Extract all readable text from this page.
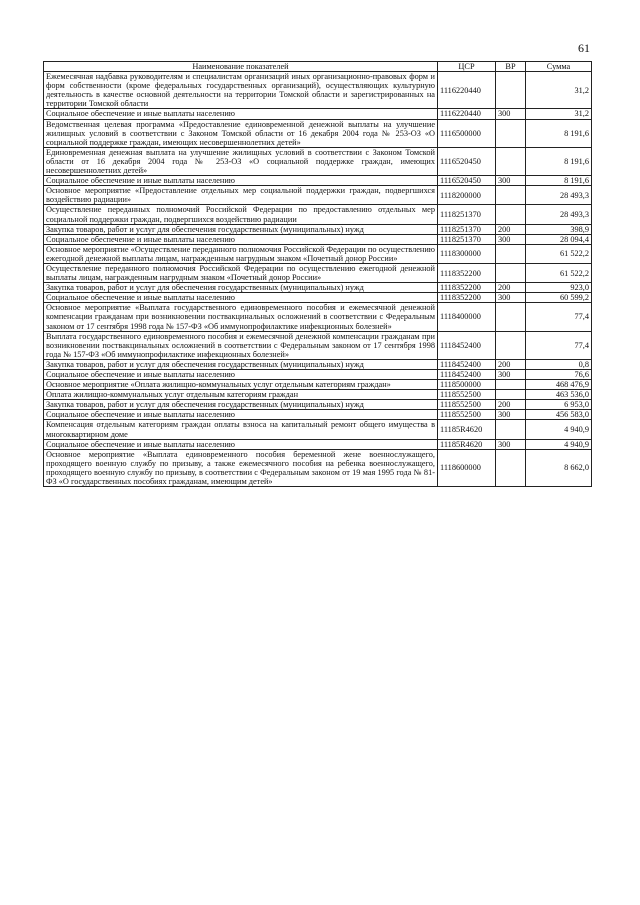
61
Наименование показателей	ЦСР	ВР	Сумма
Ежемесячная надбавка руководителям и специалистам организаций иных организационно-правовых форм и форм собственности (кроме федеральных государственных организаций), осуществляющих культурную деятельность в качестве основной деятельности на территории Томской области и зарегистрированных на территории Томской области	1116220440		31,2
Социальное обеспечение и иные выплаты населению	1116220440	300	31,2
Ведомственная целевая программа «Предоставление единовременной денежной выплаты на улучшение жилищных условий в соответствии с Законом Томской области от 16 декабря 2004 года № 253-ОЗ «О социальной поддержке граждан, имеющих несовершеннолетних детей»	1116500000		8 191,6
Единовременная денежная выплата на улучшение жилищных условий в соответствии с Законом Томской области от 16 декабря 2004 года № 253-ОЗ «О социальной поддержке граждан, имеющих несовершеннолетних детей»	1116520450		8 191,6
Социальное обеспечение и иные выплаты населению	1116520450	300	8 191,6
Основное мероприятие «Предоставление отдельных мер социальной поддержки граждан, подвергшихся воздействию радиации»	1118200000		28 493,3
Осуществление переданных полномочий Российской Федерации по предоставлению отдельных мер социальной поддержки граждан, подвергшихся воздействию радиации	1118251370		28 493,3
Закупка товаров, работ и услуг для обеспечения государственных (муниципальных) нужд	1118251370	200	398,9
Социальное обеспечение и иные выплаты населению	1118251370	300	28 094,4
Основное мероприятие «Осуществление переданного полномочия Российской Федерации по осуществлению ежегодной денежной выплаты лицам, награжденным нагрудным знаком «Почетный донор России»	1118300000		61 522,2
Осуществление переданного полномочия Российской Федерации по осуществлению ежегодной денежной выплаты лицам, награжденным нагрудным знаком «Почетный донор России»	1118352200		61 522,2
Закупка товаров, работ и услуг для обеспечения государственных (муниципальных) нужд	1118352200	200	923,0
Социальное обеспечение и иные выплаты населению	1118352200	300	60 599,2
Основное мероприятие «Выплата государственного единовременного пособия и ежемесячной денежной компенсации гражданам при возникновении поствакцинальных осложнений в соответствии с Федеральным законом от 17 сентября 1998 года № 157-ФЗ «Об иммунопрофилактике инфекционных болезней»	1118400000		77,4
Выплата государственного единовременного пособия и ежемесячной денежной компенсации гражданам при возникновении поствакцинальных осложнений в соответствии с Федеральным законом от 17 сентября 1998 года № 157-ФЗ «Об иммунопрофилактике инфекционных болезней»	1118452400		77,4
Закупка товаров, работ и услуг для обеспечения государственных (муниципальных) нужд	1118452400	200	0,8
Социальное обеспечение и иные выплаты населению	1118452400	300	76,6
Основное мероприятие «Оплата жилищно-коммунальных услуг отдельным категориям граждан»	1118500000		468 476,9
Оплата жилищно-коммунальных услуг отдельным категориям граждан	1118552500		463 536,0
Закупка товаров, работ и услуг для обеспечения государственных (муниципальных) нужд	1118552500	200	6 953,0
Социальное обеспечение и иные выплаты населению	1118552500	300	456 583,0
Компенсация отдельным категориям граждан оплаты взноса на капитальный ремонт общего имущества в многоквартирном доме	11185R4620		4 940,9
Социальное обеспечение и иные выплаты населению	11185R4620	300	4 940,9
Основное мероприятие «Выплата единовременного пособия беременной жене военнослужащего, проходящего военную службу по призыву, а также ежемесячного пособия на ребенка военнослужащего, проходящего военную службу по призыву, в соответствии с Федеральным законом от 19 мая 1995 года № 81-ФЗ «О государственных пособиях гражданам, имеющим детей»	1118600000		8 662,0
